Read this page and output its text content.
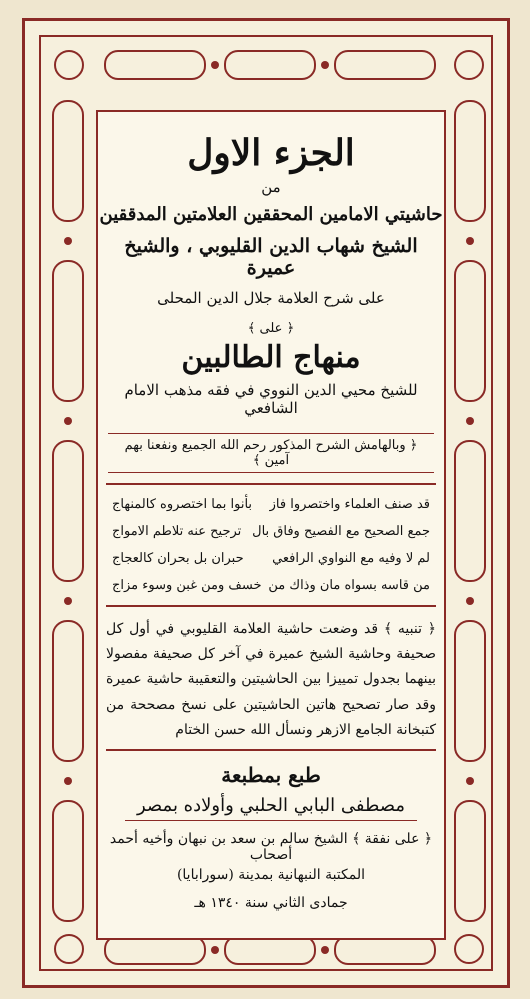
الجزء الاول
من
حاشيتي الامامين المحققين العلامتين المدققين
الشيخ شهاب الدين القليوبي ، والشيخ عميرة
على شرح العلامة جلال الدين المحلى
﴿ على ﴾
منهاج الطالبين
للشيخ محيي الدين النووي في فقه مذهب الامام الشافعي
﴿ وبالهامش الشرح المذكور رحم الله الجميع ونفعنا بهم آمين ﴾
قد صنف العلماء واختصروا فاز
بأنوا بما اختصروه كالمنهاج
جمع الصحيح مع الفصيح وفاق بال
ترجيح عنه تلاطم الامواج
لم لا وفيه مع النواوي الرافعي
حبران بل بحران كالعجاج
من قاسه بسواه مان وذاك من
خسف ومن غبن وسوء مزاج
﴿ تنبيه ﴾ قد وضعت حاشية العلامة القليوبي في أول كل صحيفة وحاشية الشيخ عميرة في آخر كل صحيفة مفصولا بينهما بجدول تمييزا بين الحاشيتين والتعقيبة حاشية عميرة وقد صار تصحيح هاتين الحاشيتين على نسخ مصححة من كتبخانة الجامع الازهر ونسأل الله حسن الختام
طبع بمطبعة
مصطفى البابي الحلبي وأولاده بمصر
﴿ على نفقة ﴾ الشيخ سالم بن سعد بن نبهان وأخيه أحمد أصحاب
المكتبة النبهانية بمدينة (سورابايا)
جمادى الثاني سنة ١٣٤٠ هـ
